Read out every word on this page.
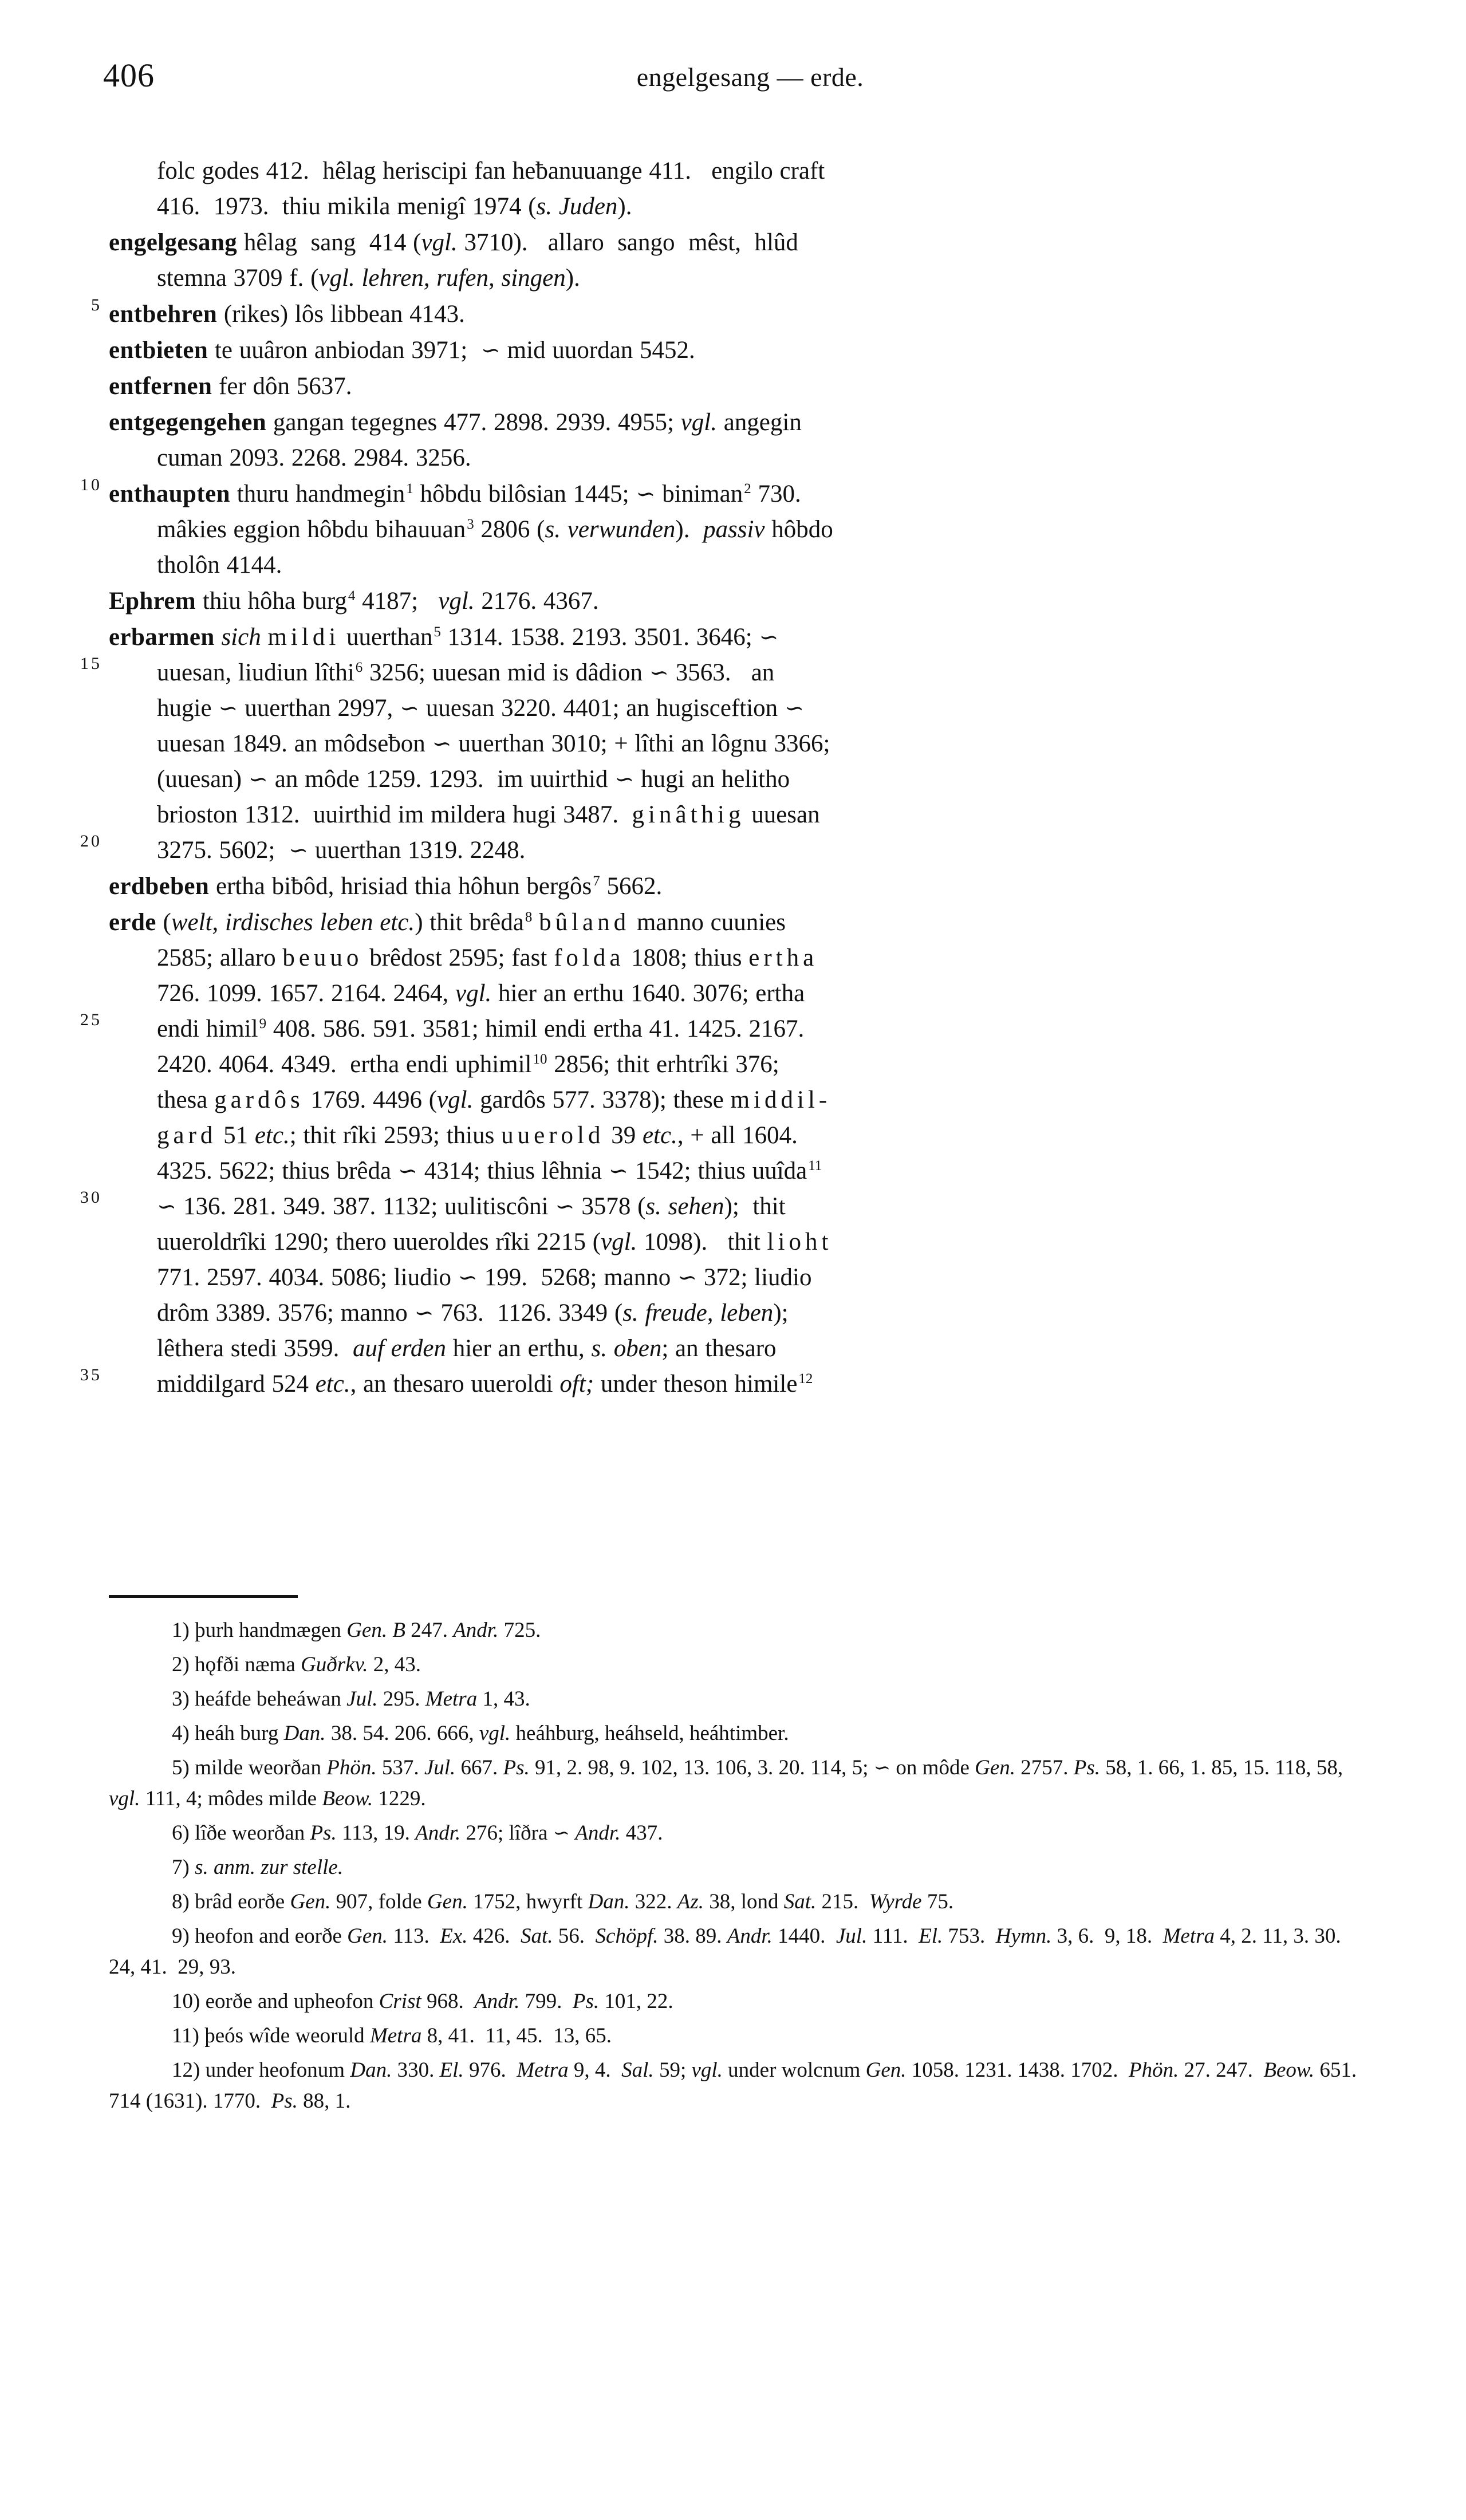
406	engelgesang — erde.
folc godes 412.  hêlag heriscipi fan heƀanuuange 411.   engilo craft
416.  1973.  thiu mikila menigî 1974 (s. Juden).
engelgesang hêlag  sang  414 (vgl. 3710).   allaro  sango  mêst,  hlûd
stemna 3709 f. (vgl. lehren, rufen, singen).
5 entbehren (rikes) lôs libbean 4143.
entbieten te uuâron anbiodan 3971;  ∽ mid uuordan 5452.
entfernen fer dôn 5637.
entgegengehen gangan tegegnes 477. 2898. 2939. 4955; vgl. angegin
cuman 2093. 2268. 2984. 3256.
10 enthaupten thuru handmegin$^1$ hôbdu bilôsian 1445; ∽ biniman$^2$ 730.
mâkies eggion hôbdu bihauuan$^3$ 2806 (s. verwunden).  passiv hôbdo
tholôn 4144.
Ephrem thiu hôha burg$^4$ 4187;   vgl. 2176. 4367.
erbarmen sich mildi uuerthan$^5$ 1314. 1538. 2193. 3501. 3646; ∽
15 uuesan, liudiun lîthi$^6$ 3256; uuesan mid is dâdion ∽ 3563.   an
hugie ∽ uuerthan 2997, ∽ uuesan 3220. 4401; an hugisceftion ∽
uuesan 1849. an môdseƀon ∽ uuerthan 3010; + lîthi an lôgnu 3366;
(uuesan) ∽ an môde 1259. 1293.  im uuirthid ∽ hugi an helitho
brioston 1312.  uuirthid im mildera hugi 3487.  ginâthig uuesan
20 3275. 5602;  ∽ uuerthan 1319. 2248.
erdbeben ertha biƀôd, hrisiad thia hôhun bergôs$^7$ 5662.
erde (welt, irdisches leben etc.) thit brêda$^8$ bûland manno cuunies
2585; allaro beuuo brêdost 2595; fast folda 1808; thius ertha
726. 1099. 1657. 2164. 2464, vgl. hier an erthu 1640. 3076; ertha
25 endi himil$^9$ 408. 586. 591. 3581; himil endi ertha 41. 1425. 2167.
2420. 4064. 4349.  ertha endi uphimil$^{10}$ 2856; thit erhtrîki 376;
thesa gardôs 1769. 4496 (vgl. gardôs 577. 3378); these middil-
gard 51 etc.; thit rîki 2593; thius uuerold 39 etc., + all 1604.
4325. 5622; thius brêda ∽ 4314; thius lêhnia ∽ 1542; thius uuîda$^{11}$
30 ∽ 136. 281. 349. 387. 1132; uulitiscôni ∽ 3578 (s. sehen);  thit
uueroldrîki 1290; thero uueroldes rîki 2215 (vgl. 1098).   thit lioht
771. 2597. 4034. 5086; liudio ∽ 199.  5268; manno ∽ 372; liudio
drôm 3389. 3576; manno ∽ 763.  1126. 3349 (s. freude, leben);
lêthera stedi 3599.  auf erden hier an erthu, s. oben; an thesaro
35 middilgard 524 etc., an thesaro uueroldi oft; under theson himile$^{12}$
1) þurh handmægen Gen. B 247. Andr. 725.
2) hǫfði næma Guðrkv. 2, 43.
3) heáfde beheáwan Jul. 295. Metra 1, 43.
4) heáh burg Dan. 38. 54. 206. 666, vgl. heáhburg, heáhseld, heáhtimber.
5) milde weorðan Phön. 537. Jul. 667. Ps. 91, 2. 98, 9. 102, 13. 106, 3. 20. 114, 5; ∽ on môde Gen. 2757. Ps. 58, 1. 66, 1. 85, 15. 118, 58, vgl. 111, 4; môdes milde Beow. 1229.
6) lîðe weorðan Ps. 113, 19. Andr. 276; lîðra ∽ Andr. 437.
7) s. anm. zur stelle.
8) brâd eorðe Gen. 907, folde Gen. 1752, hwyrft Dan. 322. Az. 38, lond Sat. 215.  Wyrde 75.
9) heofon and eorðe Gen. 113.  Ex. 426.  Sat. 56.  Schöpf. 38. 89. Andr. 1440.  Jul. 111.  El. 753.  Hymn. 3, 6.  9, 18.  Metra 4, 2. 11, 3. 30.  24, 41.  29, 93.
10) eorðe and upheofon Crist 968.  Andr. 799.  Ps. 101, 22.
11) þeós wîde weoruld Metra 8, 41.  11, 45.  13, 65.
12) under heofonum Dan. 330. El. 976.  Metra 9, 4.  Sal. 59; vgl. under wolcnum Gen. 1058. 1231. 1438. 1702.  Phön. 27. 247.  Beow. 651. 714 (1631). 1770.  Ps. 88, 1.
